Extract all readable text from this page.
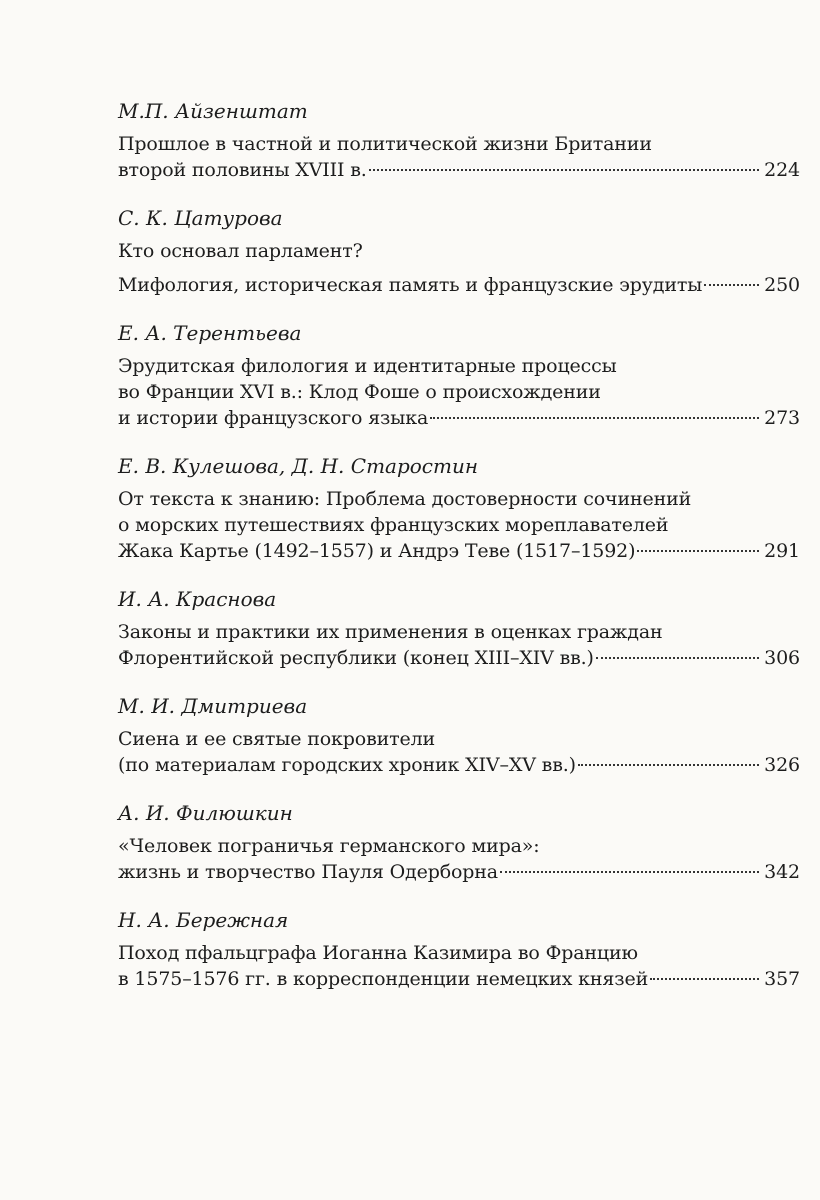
М.П. Айзенштат
Прошлое в частной и политической жизни Британии
второй половины XVIII в.	224
С. К. Цатурова
Кто основал парламент?
Мифология, историческая память и французские эрудиты	250
Е. А. Терентьева
Эрудитская филология и идентитарные процессы
во Франции XVI в.: Клод Фоше о происхождении
и истории французского языка	273
Е. В. Кулешова, Д. Н. Старостин
От текста к знанию: Проблема достоверности сочинений
о морских путешествиях французских мореплавателей
Жака Картье (1492–1557) и Андрэ Теве (1517–1592)	291
И. А. Краснова
Законы и практики их применения в оценках граждан
Флорентийской республики (конец XIII–XIV вв.)	306
М. И. Дмитриева
Сиена и ее святые покровители
(по материалам городских хроник XIV–XV вв.)	326
А. И. Филюшкин
«Человек пограничья германского мира»:
жизнь и творчество Пауля Одерборна	342
Н. А. Бережная
Поход пфальцграфа Иоганна Казимира во Францию
в 1575–1576 гг. в корреспонденции немецких князей	357
